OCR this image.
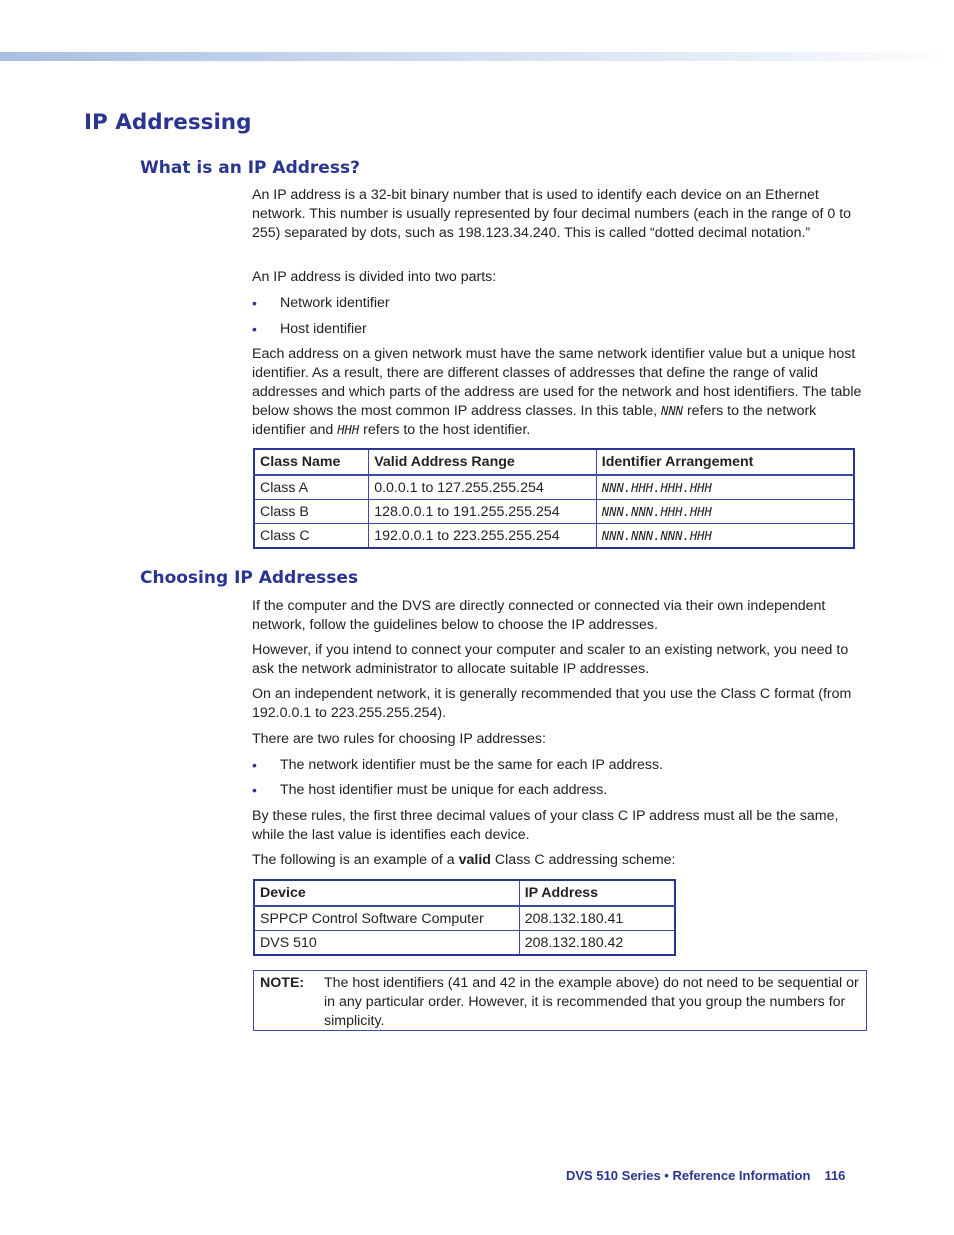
IP Addressing
What is an IP Address?

An IP address is a 32-bit binary number that is used to identify each device on an Ethernet network. This number is usually represented by four decimal numbers (each in the range of 0 to 255) separated by dots, such as 198.123.34.240. This is called “dotted decimal notation.”

An IP address is divided into two parts:

• Network identifier
• Host identifier

Each address on a given network must have the same network identifier value but a unique host identifier. As a result, there are different classes of addresses that define the range of valid addresses and which parts of the address are used for the network and host identifiers. The table below shows the most common IP address classes. In this table, NNN refers to the network identifier and HHH refers to the host identifier.

Class Name	Valid Address Range	Identifier Arrangement
Class A	0.0.0.1 to 127.255.255.254	NNN.HHH.HHH.HHH
Class B	128.0.0.1 to 191.255.255.254	NNN.NNN.HHH.HHH
Class C	192.0.0.1 to 223.255.255.254	NNN.NNN.NNN.HHH
Choosing IP Addresses

If the computer and the DVS are directly connected or connected via their own independent network, follow the guidelines below to choose the IP addresses.

However, if you intend to connect your computer and scaler to an existing network, you need to ask the network administrator to allocate suitable IP addresses.

On an independent network, it is generally recommended that you use the Class C format (from 192.0.0.1 to 223.255.255.254).

There are two rules for choosing IP addresses:

• The network identifier must be the same for each IP address.
• The host identifier must be unique for each address.

By these rules, the first three decimal values of your class C IP address must all be the same, while the last value is identifies each device.

The following is an example of a valid Class C addressing scheme:

Device	IP Address
SPPCP Control Software Computer	208.132.180.41
DVS 510	208.132.180.42
NOTE: The host identifiers (41 and 42 in the example above) do not need to be sequential or in any particular order. However, it is recommended that you group the numbers for simplicity.
DVS 510 Series • Reference Information 116
